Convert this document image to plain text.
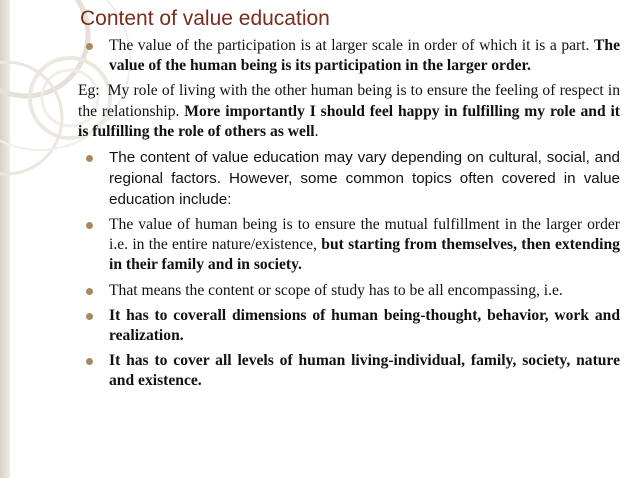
Content of value education

The value of the participation is at larger scale in order of which it is a part. The value of the human being is its participation in the larger order.

Eg: My role of living with the other human being is to ensure the feeling of respect in the relationship. More importantly I should feel happy in fulfilling my role and it is fulfilling the role of others as well.

The content of value education may vary depending on cultural, social, and regional factors. However, some common topics often covered in value education include:

The value of human being is to ensure the mutual fulfillment in the larger order i.e. in the entire nature/existence, but starting from themselves, then extending in their family and in society.

That means the content or scope of study has to be all encompassing, i.e.

It has to coverall dimensions of human being-thought, behavior, work and realization.

It has to cover all levels of human living-individual, family, society, nature and existence.
